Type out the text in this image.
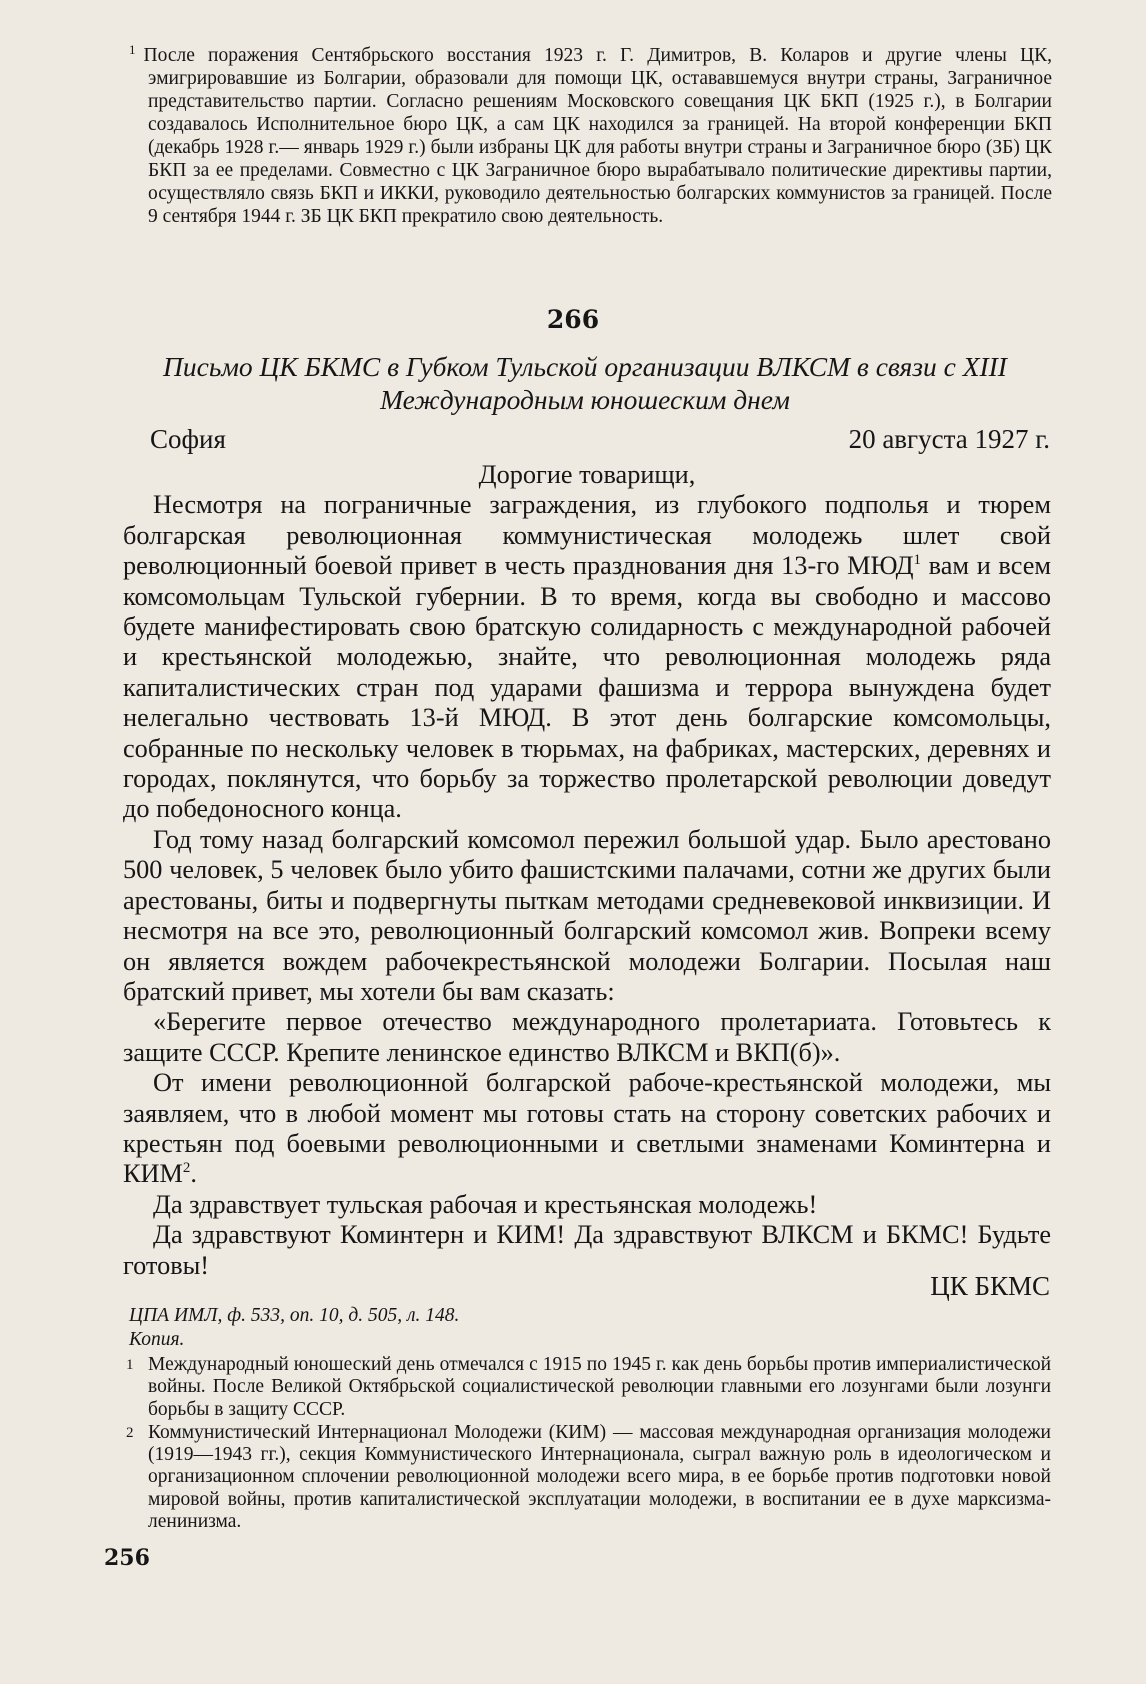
$^1$ После поражения Сентябрьского восстания 1923 г. Г. Димитров, В. Коларов и другие члены ЦК, эмигрировавшие из Болгарии, образовали для помощи ЦК, остававшемуся внутри страны, Заграничное представительство партии. Согласно решениям Московского совещания ЦК БКП (1925 г.), в Болгарии создавалось Исполнительное бюро ЦК, а сам ЦК находился за границей. На второй конференции БКП (декабрь 1928 г.— январь 1929 г.) были избраны ЦК для работы внутри страны и Заграничное бюро (ЗБ) ЦК БКП за ее пределами. Совместно с ЦК Заграничное бюро вырабатывало политические директивы партии, осуществляло связь БКП и ИККИ, руководило деятельностью болгарских коммунистов за границей. После 9 сентября 1944 г. ЗБ ЦК БКП прекратило свою деятельность.

266
Письмо ЦК БКМС в Губком Тульской организации ВЛКСМ в связи с XIII Международным юношеским днем
София	20 августа 1927 г.

Дорогие товарищи,

Несмотря на пограничные заграждения, из глубокого подполья и тюрем болгарская революционная коммунистическая молодежь шлет свой революционный боевой привет в честь празднования дня 13-го МЮД$^1$ вам и всем комсомольцам Тульской губернии. В то время, когда вы свободно и массово будете манифестировать свою братскую солидарность с международной рабочей и крестьянской молодежью, знайте, что революционная молодежь ряда капиталистических стран под ударами фашизма и террора вынуждена будет нелегально чествовать 13-й МЮД. В этот день болгарские комсомольцы, собранные по нескольку человек в тюрьмах, на фабриках, мастерских, деревнях и городах, поклянутся, что борьбу за торжество пролетарской революции доведут до победоносного конца.

Год тому назад болгарский комсомол пережил большой удар. Было арестовано 500 человек, 5 человек было убито фашистскими палачами, сотни же других были арестованы, биты и подвергнуты пыткам методами средневековой инквизиции. И несмотря на все это, революционный болгарский комсомол жив. Вопреки всему он является вождем рабочекрестьянской молодежи Болгарии. Посылая наш братский привет, мы хотели бы вам сказать:

«Берегите первое отечество международного пролетариата. Готовьтесь к защите СССР. Крепите ленинское единство ВЛКСМ и ВКП(б)».

От имени революционной болгарской рабоче-крестьянской молодежи, мы заявляем, что в любой момент мы готовы стать на сторону советских рабочих и крестьян под боевыми революционными и светлыми знаменами Коминтерна и КИМ$^2$.

Да здравствует тульская рабочая и крестьянская молодежь!

Да здравствуют Коминтерн и КИМ! Да здравствуют ВЛКСМ и БКМС! Будьте готовы!

ЦК БКМС
ЦПА ИМЛ, ф. 533, оп. 10, д. 505, л. 148.
Копия.

1 Международный юношеский день отмечался с 1915 по 1945 г. как день борьбы против империалистической войны. После Великой Октябрьской социалистической революции главными его лозунгами были лозунги борьбы в защиту СССР.

2 Коммунистический Интернационал Молодежи (КИМ) — массовая международная организация молодежи (1919—1943 гг.), секция Коммунистического Интернационала, сыграл важную роль в идеологическом и организационном сплочении революционной молодежи всего мира, в ее борьбе против подготовки новой мировой войны, против капиталистической эксплуатации молодежи, в воспитании ее в духе марксизма-ленинизма.

256
